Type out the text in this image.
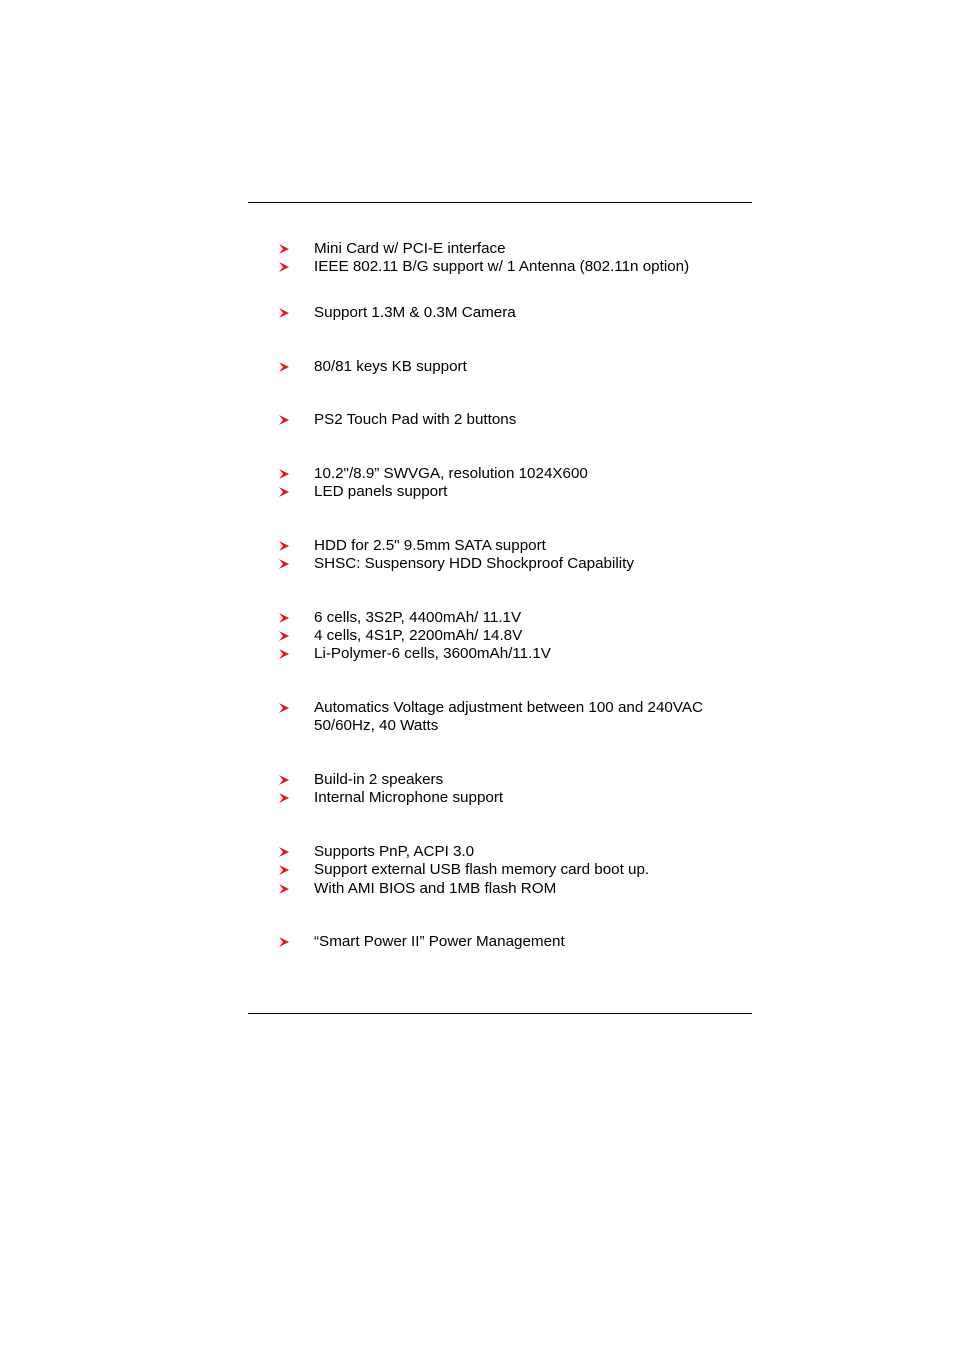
Mini Card w/ PCI-E interface
IEEE 802.11 B/G support w/ 1 Antenna (802.11n option)
Support 1.3M & 0.3M Camera
80/81 keys KB support
PS2 Touch Pad with 2 buttons
10.2"/8.9” SWVGA, resolution 1024X600
LED panels support
HDD for 2.5" 9.5mm SATA support
SHSC: Suspensory HDD Shockproof Capability
6 cells, 3S2P, 4400mAh/ 11.1V
4 cells, 4S1P, 2200mAh/ 14.8V
Li-Polymer-6 cells, 3600mAh/11.1V
Automatics Voltage adjustment between 100 and 240VAC
50/60Hz, 40 Watts
Build-in 2 speakers
Internal Microphone support
Supports PnP, ACPI 3.0
Support external USB flash memory card boot up.
With AMI BIOS and 1MB flash ROM
“Smart Power II” Power Management
